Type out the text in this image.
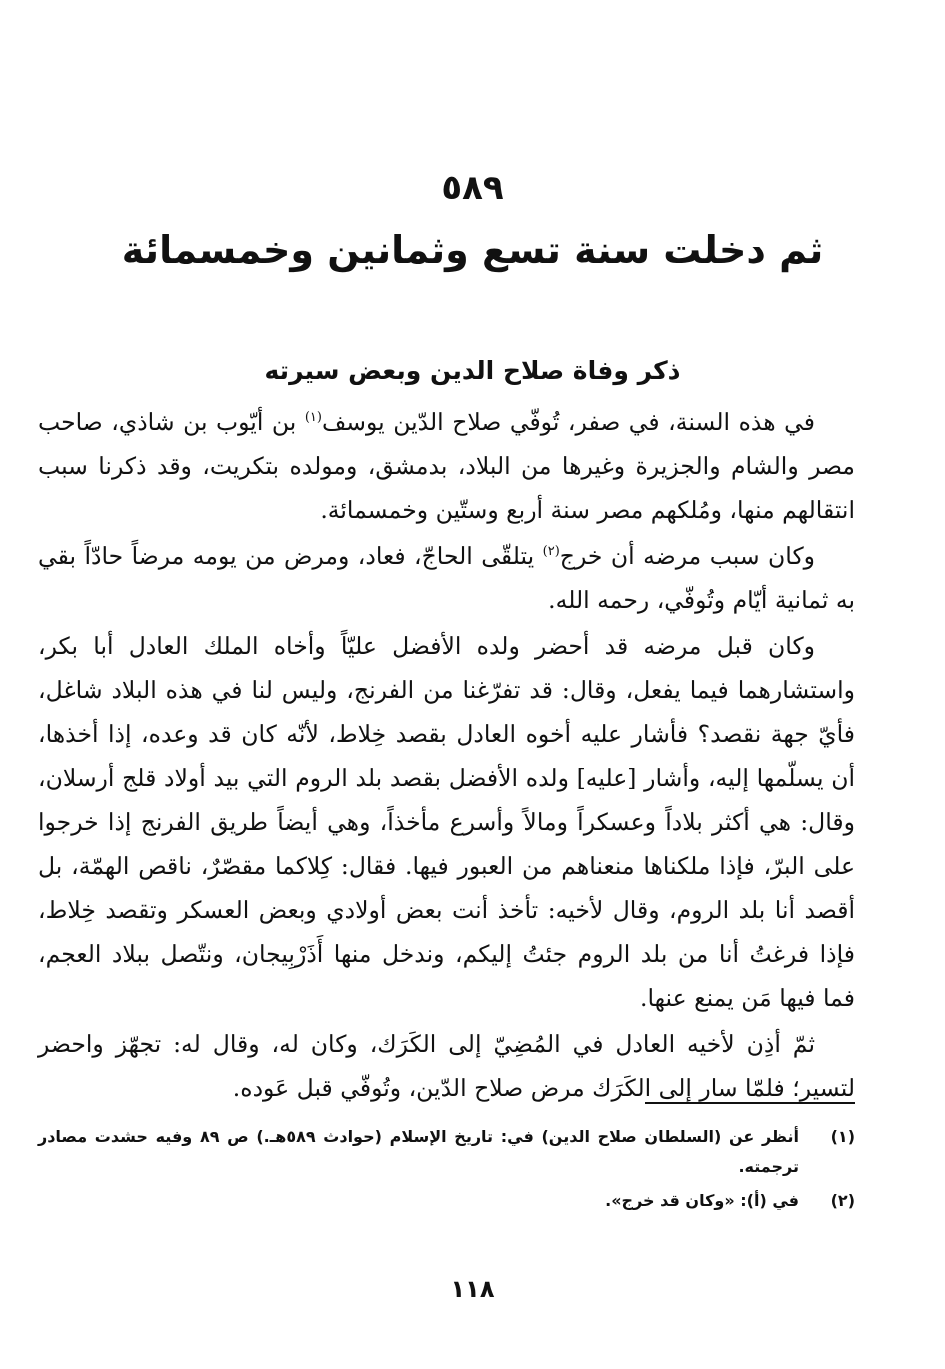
٥٨٩
ثم دخلت سنة تسع وثمانين وخمسمائة
ذكر وفاة صلاح الدين وبعض سيرته

في هذه السنة، في صفر، تُوفّي صلاح الدّين يوسف$^{(١)}$ بن أيّوب بن شاذي، صاحب مصر والشام والجزيرة وغيرها من البلاد، بدمشق، ومولده بتكريت، وقد ذكرنا سبب انتقالهم منها، ومُلكهم مصر سنة أربع وستّين وخمسمائة.

وكان سبب مرضه أن خرج$^{(٢)}$ يتلقّى الحاجّ، فعاد، ومرض من يومه مرضاً حادّاً بقي به ثمانية أيّام وتُوفّي، رحمه الله.

وكان قبل مرضه قد أحضر ولده الأفضل عليّاً وأخاه الملك العادل أبا بكر، واستشارهما فيما يفعل، وقال: قد تفرّغنا من الفرنج، وليس لنا في هذه البلاد شاغل، فأيّ جهة نقصد؟ فأشار عليه أخوه العادل بقصد خِلاط، لأنّه كان قد وعده، إذا أخذها، أن يسلّمها إليه، وأشار [عليه] ولده الأفضل بقصد بلد الروم التي بيد أولاد قلج أرسلان، وقال: هي أكثر بلاداً وعسكراً ومالاً وأسرع مأخذاً، وهي أيضاً طريق الفرنج إذا خرجوا على البرّ، فإذا ملكناها منعناهم من العبور فيها. فقال: كِلاكما مقصّرٌ، ناقص الهمّة، بل أقصد أنا بلد الروم، وقال لأخيه: تأخذ أنت بعض أولادي وبعض العسكر وتقصد خِلاط، فإذا فرغتُ أنا من بلد الروم جئتُ إليكم، وندخل منها أَذَرْبِيجان، ونتّصل ببلاد العجم، فما فيها مَن يمنع عنها.

ثمّ أذِن لأخيه العادل في المُضِيّ إلى الكَرَك، وكان له، وقال له: تجهّز واحضر لتسير؛ فلمّا سار إلى الكَرَك مرض صلاح الدّين، وتُوفّي قبل عَوده.

(١)
أنظر عن (السلطان صلاح الدين) في: تاريخ الإسلام (حوادث ٥٨٩هـ.) ص ٨٩ وفيه حشدت مصادر ترجمته.
(٢)
في (أ): «وكان قد خرج».
١١٨
